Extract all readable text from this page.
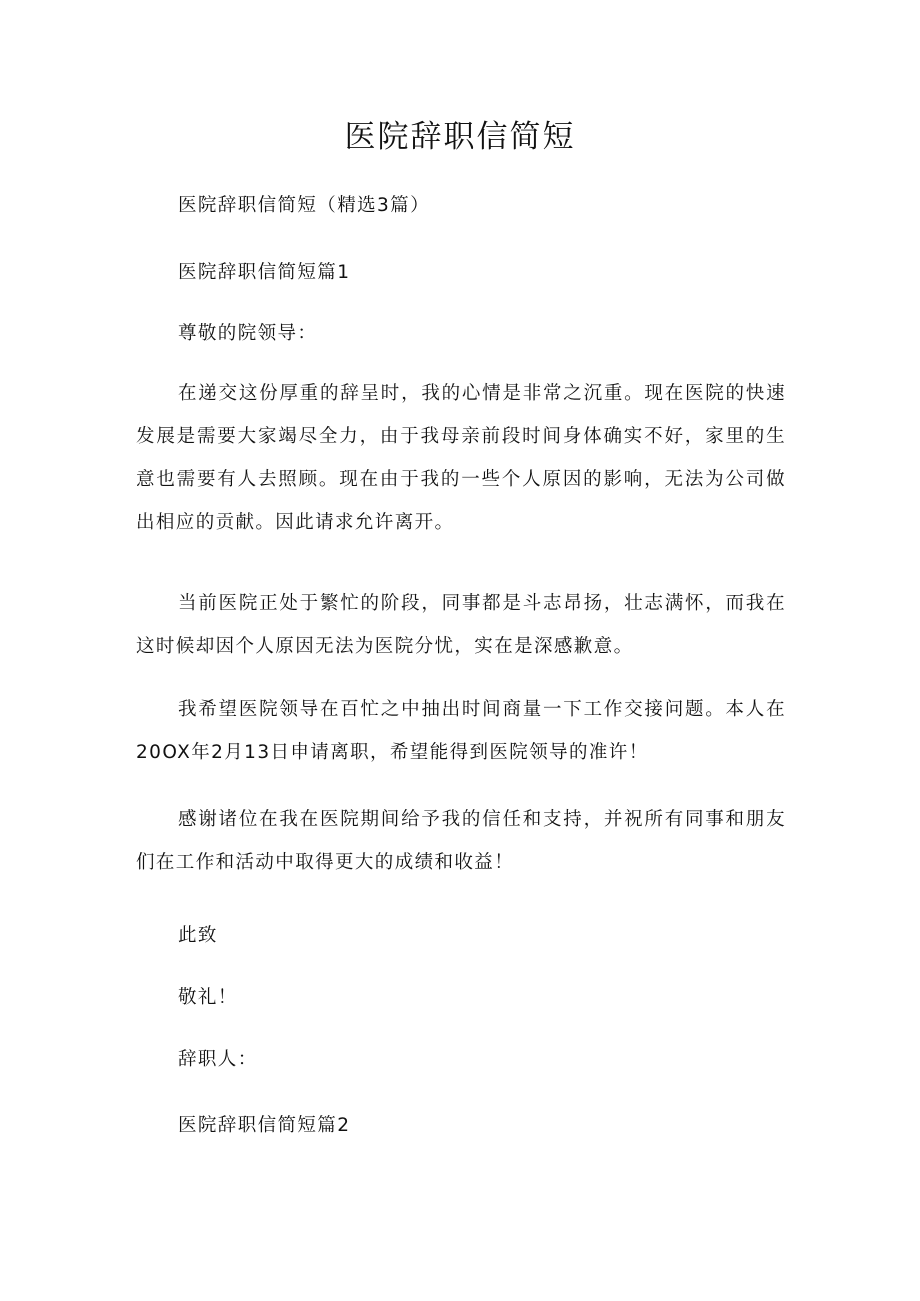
医院辞职信简短

医院辞职信简短（精选3篇）

医院辞职信简短篇1

尊敬的院领导：

在递交这份厚重的辞呈时，我的心情是非常之沉重。现在医院的快速发展是需要大家竭尽全力，由于我母亲前段时间身体确实不好，家里的生意也需要有人去照顾。现在由于我的一些个人原因的影响，无法为公司做出相应的贡献。因此请求允许离开。

当前医院正处于繁忙的阶段，同事都是斗志昂扬，壮志满怀，而我在这时候却因个人原因无法为医院分忧，实在是深感歉意。

我希望医院领导在百忙之中抽出时间商量一下工作交接问题。本人在20OX年2月13日申请离职，希望能得到医院领导的准许！

感谢诸位在我在医院期间给予我的信任和支持，并祝所有同事和朋友们在工作和活动中取得更大的成绩和收益！

此致

敬礼！

辞职人：

医院辞职信简短篇2
